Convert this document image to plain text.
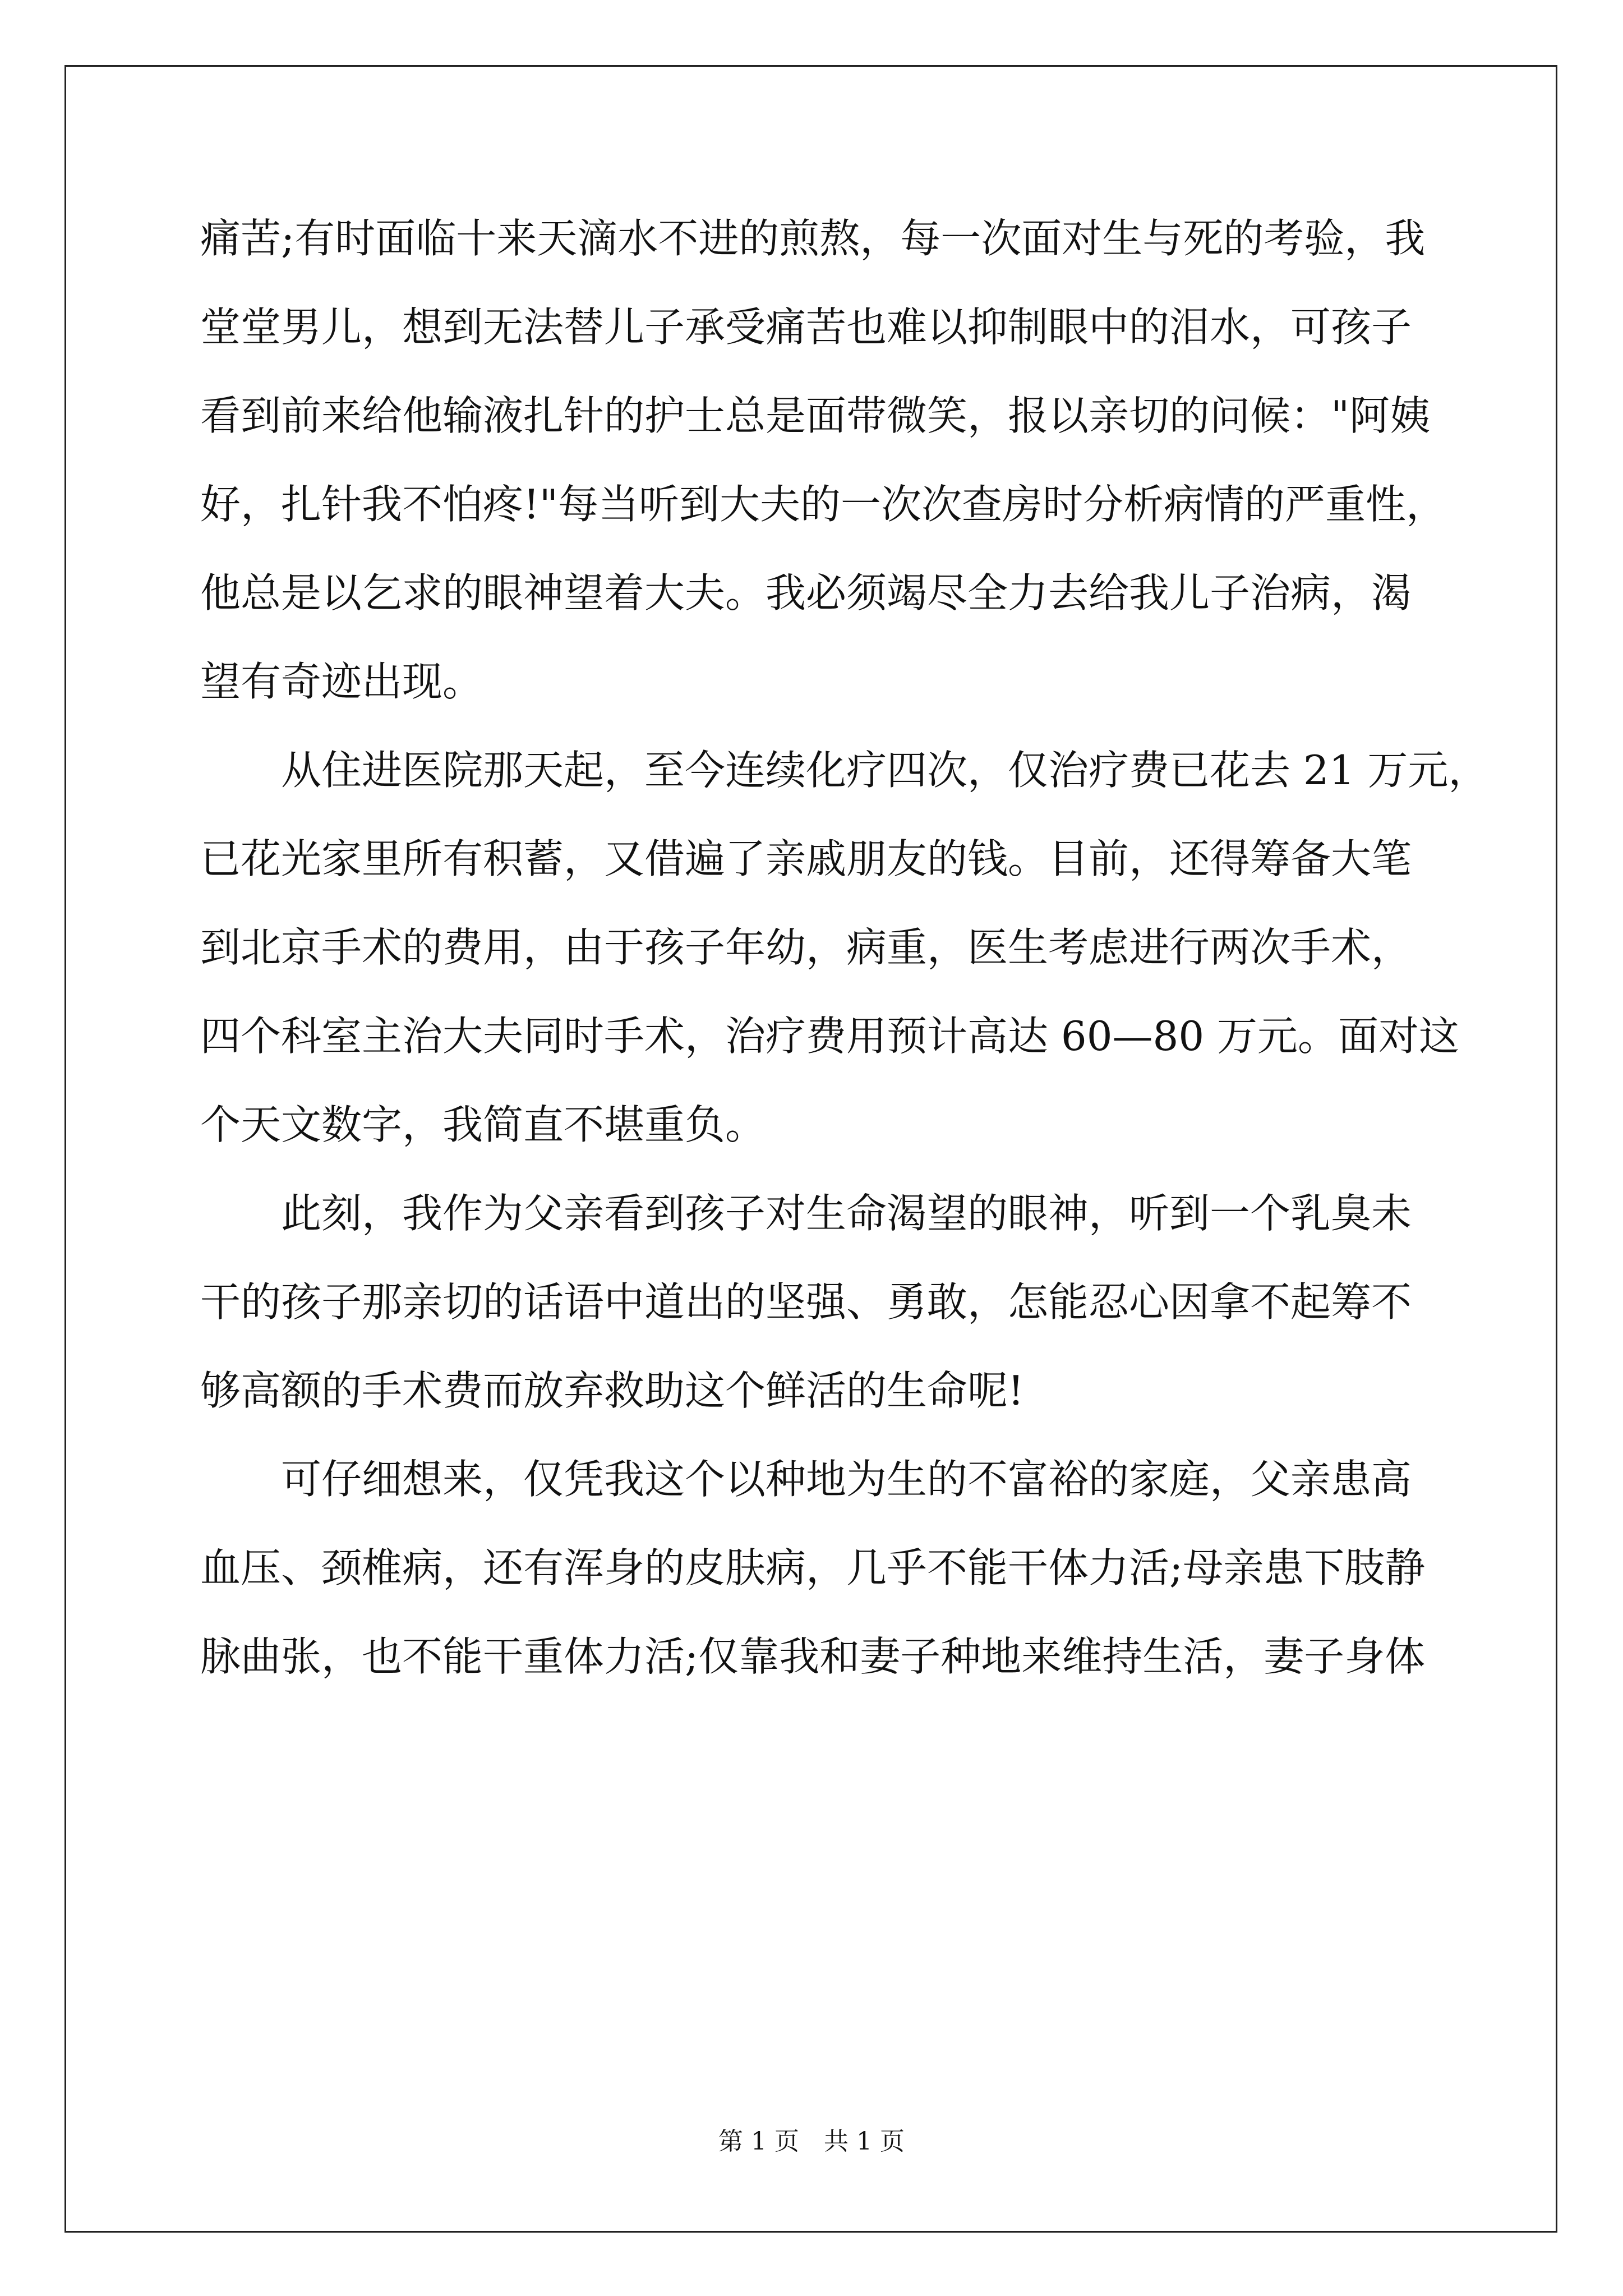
痛苦;有时面临十来天滴水不进的煎熬，每一次面对生与死的考验，我
堂堂男儿，想到无法替儿子承受痛苦也难以抑制眼中的泪水，可孩子
看到前来给他输液扎针的护士总是面带微笑，报以亲切的问候："阿姨
好，扎针我不怕疼!"每当听到大夫的一次次查房时分析病情的严重性，
他总是以乞求的眼神望着大夫。我必须竭尽全力去给我儿子治病，渴
望有奇迹出现。
从住进医院那天起，至今连续化疗四次，仅治疗费已花去 21 万元，
已花光家里所有积蓄，又借遍了亲戚朋友的钱。目前，还得筹备大笔
到北京手术的费用，由于孩子年幼，病重，医生考虑进行两次手术，
四个科室主治大夫同时手术，治疗费用预计高达 60—80 万元。面对这
个天文数字，我简直不堪重负。
此刻，我作为父亲看到孩子对生命渴望的眼神，听到一个乳臭未
干的孩子那亲切的话语中道出的坚强、勇敢，怎能忍心因拿不起筹不
够高额的手术费而放弃救助这个鲜活的生命呢!
可仔细想来，仅凭我这个以种地为生的不富裕的家庭，父亲患高
血压、颈椎病，还有浑身的皮肤病，几乎不能干体力活;母亲患下肢静
脉曲张，也不能干重体力活;仅靠我和妻子种地来维持生活，妻子身体
第 1 页 共 1 页
